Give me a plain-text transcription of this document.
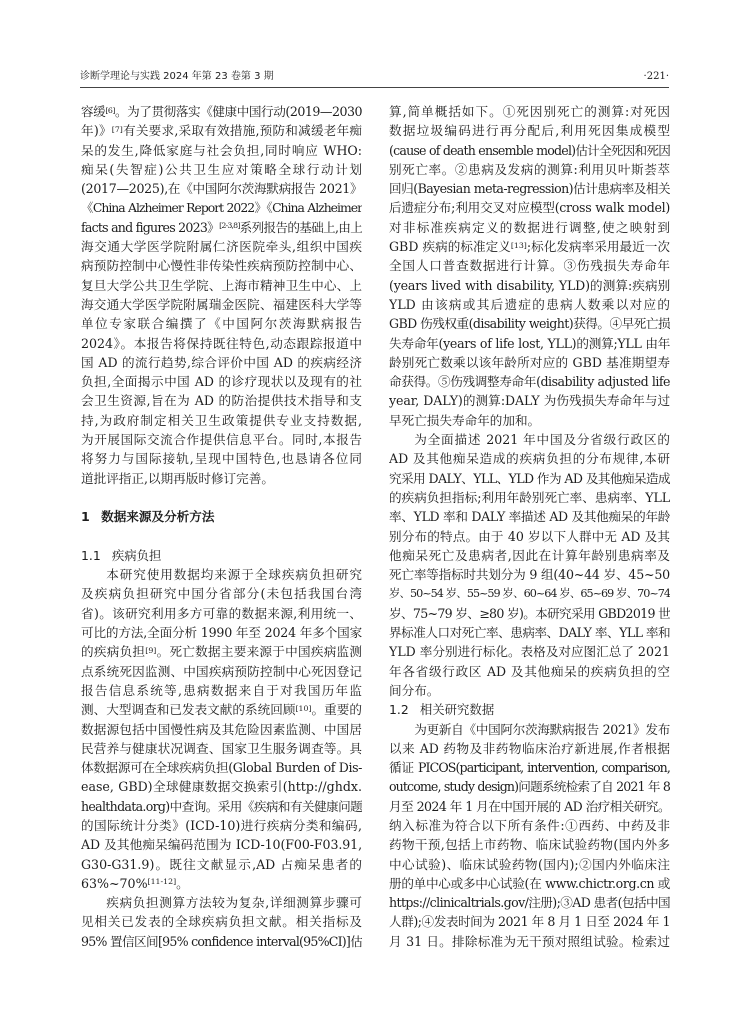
诊断学理论与实践 2024 年第 23 卷第 3 期	·221·
容缓[6]。为了贯彻落实《健康中国行动(2019—2030
年)》[7]有关要求,采取有效措施,预防和减缓老年痴
呆的发生,降低家庭与社会负担,同时响应 WHO:
痴呆(失智症)公共卫生应对策略全球行动计划
(2017—2025),在《中国阿尔茨海默病报告 2021》
《China Alzheimer Report 2022》《China Alzheimer
facts and figures 2023》[2-3,8]系列报告的基础上,由上
海交通大学医学院附属仁济医院牵头,组织中国疾
病预防控制中心慢性非传染性疾病预防控制中心、
复旦大学公共卫生学院、上海市精神卫生中心、上
海交通大学医学院附属瑞金医院、福建医科大学等
单位专家联合编撰了《中国阿尔茨海默病报告
2024》。本报告将保持既往特色,动态跟踪报道中
国 AD 的流行趋势,综合评价中国 AD 的疾病经济
负担,全面揭示中国 AD 的诊疗现状以及现有的社
会卫生资源,旨在为 AD 的防治提供技术指导和支
持,为政府制定相关卫生政策提供专业支持数据,
为开展国际交流合作提供信息平台。同时,本报告
将努力与国际接轨,呈现中国特色,也恳请各位同
道批评指正,以期再版时修订完善。
1 数据来源及分析方法
1.1 疾病负担
本研究使用数据均来源于全球疾病负担研究
及疾病负担研究中国分省部分(未包括我国台湾
省)。该研究利用多方可靠的数据来源,利用统一、
可比的方法,全面分析 1990 年至 2024 年多个国家
的疾病负担[9]。死亡数据主要来源于中国疾病监测
点系统死因监测、中国疾病预防控制中心死因登记
报告信息系统等,患病数据来自于对我国历年监
测、大型调查和已发表文献的系统回顾[10]。重要的
数据源包括中国慢性病及其危险因素监测、中国居
民营养与健康状况调查、国家卫生服务调查等。具
体数据源可在全球疾病负担(Global Burden of Dis-
ease, GBD)全球健康数据交换索引(http://ghdx.
healthdata.org)中查询。采用《疾病和有关健康问题
的国际统计分类》(ICD-10)进行疾病分类和编码,
AD 及其他痴呆编码范围为 ICD-10(F00-F03.91,
G30-G31.9)。既往文献显示,AD 占痴呆患者的
63%~70%[11-12]。
疾病负担测算方法较为复杂,详细测算步骤可
见相关已发表的全球疾病负担文献。相关指标及
95% 置信区间[95% confidence interval(95%CI)]估
算,简单概括如下。①死因别死亡的测算:对死因
数据垃圾编码进行再分配后,利用死因集成模型
(cause of death ensemble model)估计全死因和死因
别死亡率。②患病及发病的测算:利用贝叶斯荟萃
回归(Bayesian meta-regression)估计患病率及相关
后遗症分布;利用交叉对应模型(cross walk model)
对非标准疾病定义的数据进行调整,使之映射到
GBD 疾病的标准定义[13];标化发病率采用最近一次
全国人口普查数据进行计算。③伤残损失寿命年
(years lived with disability, YLD)的测算:疾病别
YLD 由该病或其后遗症的患病人数乘以对应的
GBD 伤残权重(disability weight)获得。④早死亡损
失寿命年(years of life lost, YLL)的测算;YLL 由年
龄别死亡数乘以该年龄所对应的 GBD 基准期望寿
命获得。⑤伤残调整寿命年(disability adjusted life
year, DALY)的测算:DALY 为伤残损失寿命年与过
早死亡损失寿命年的加和。
为全面描述 2021 年中国及分省级行政区的
AD 及其他痴呆造成的疾病负担的分布规律,本研
究采用 DALY、YLL、YLD 作为 AD 及其他痴呆造成
的疾病负担指标;利用年龄别死亡率、患病率、YLL
率、YLD 率和 DALY 率描述 AD 及其他痴呆的年龄
别分布的特点。由于 40 岁以下人群中无 AD 及其
他痴呆死亡及患病者,因此在计算年龄别患病率及
死亡率等指标时共划分为 9 组(40~44 岁、45~50
岁、50~54 岁、55~59 岁、60~64 岁、65~69 岁、70~74
岁、75~79 岁、≥80 岁)。本研究采用 GBD2019 世
界标准人口对死亡率、患病率、DALY 率、YLL 率和
YLD 率分别进行标化。表格及对应图汇总了 2021
年各省级行政区 AD 及其他痴呆的疾病负担的空
间分布。
1.2 相关研究数据
为更新自《中国阿尔茨海默病报告 2021》发布
以来 AD 药物及非药物临床治疗新进展,作者根据
循证 PICOS(participant, intervention, comparison,
outcome, study design)问题系统检索了自 2021 年 8
月至 2024 年 1 月在中国开展的 AD 治疗相关研究。
纳入标准为符合以下所有条件:①西药、中药及非
药物干预,包括上市药物、临床试验药物(国内外多
中心试验)、临床试验药物(国内);②国内外临床注
册的单中心或多中心试验(在 www.chictr.org.cn 或
https://clinicaltrials.gov/注册);③AD 患者(包括中国
人群);④发表时间为 2021 年 8 月 1 日至 2024 年 1
月 31 日。排除标准为无干预对照组试验。检索过
